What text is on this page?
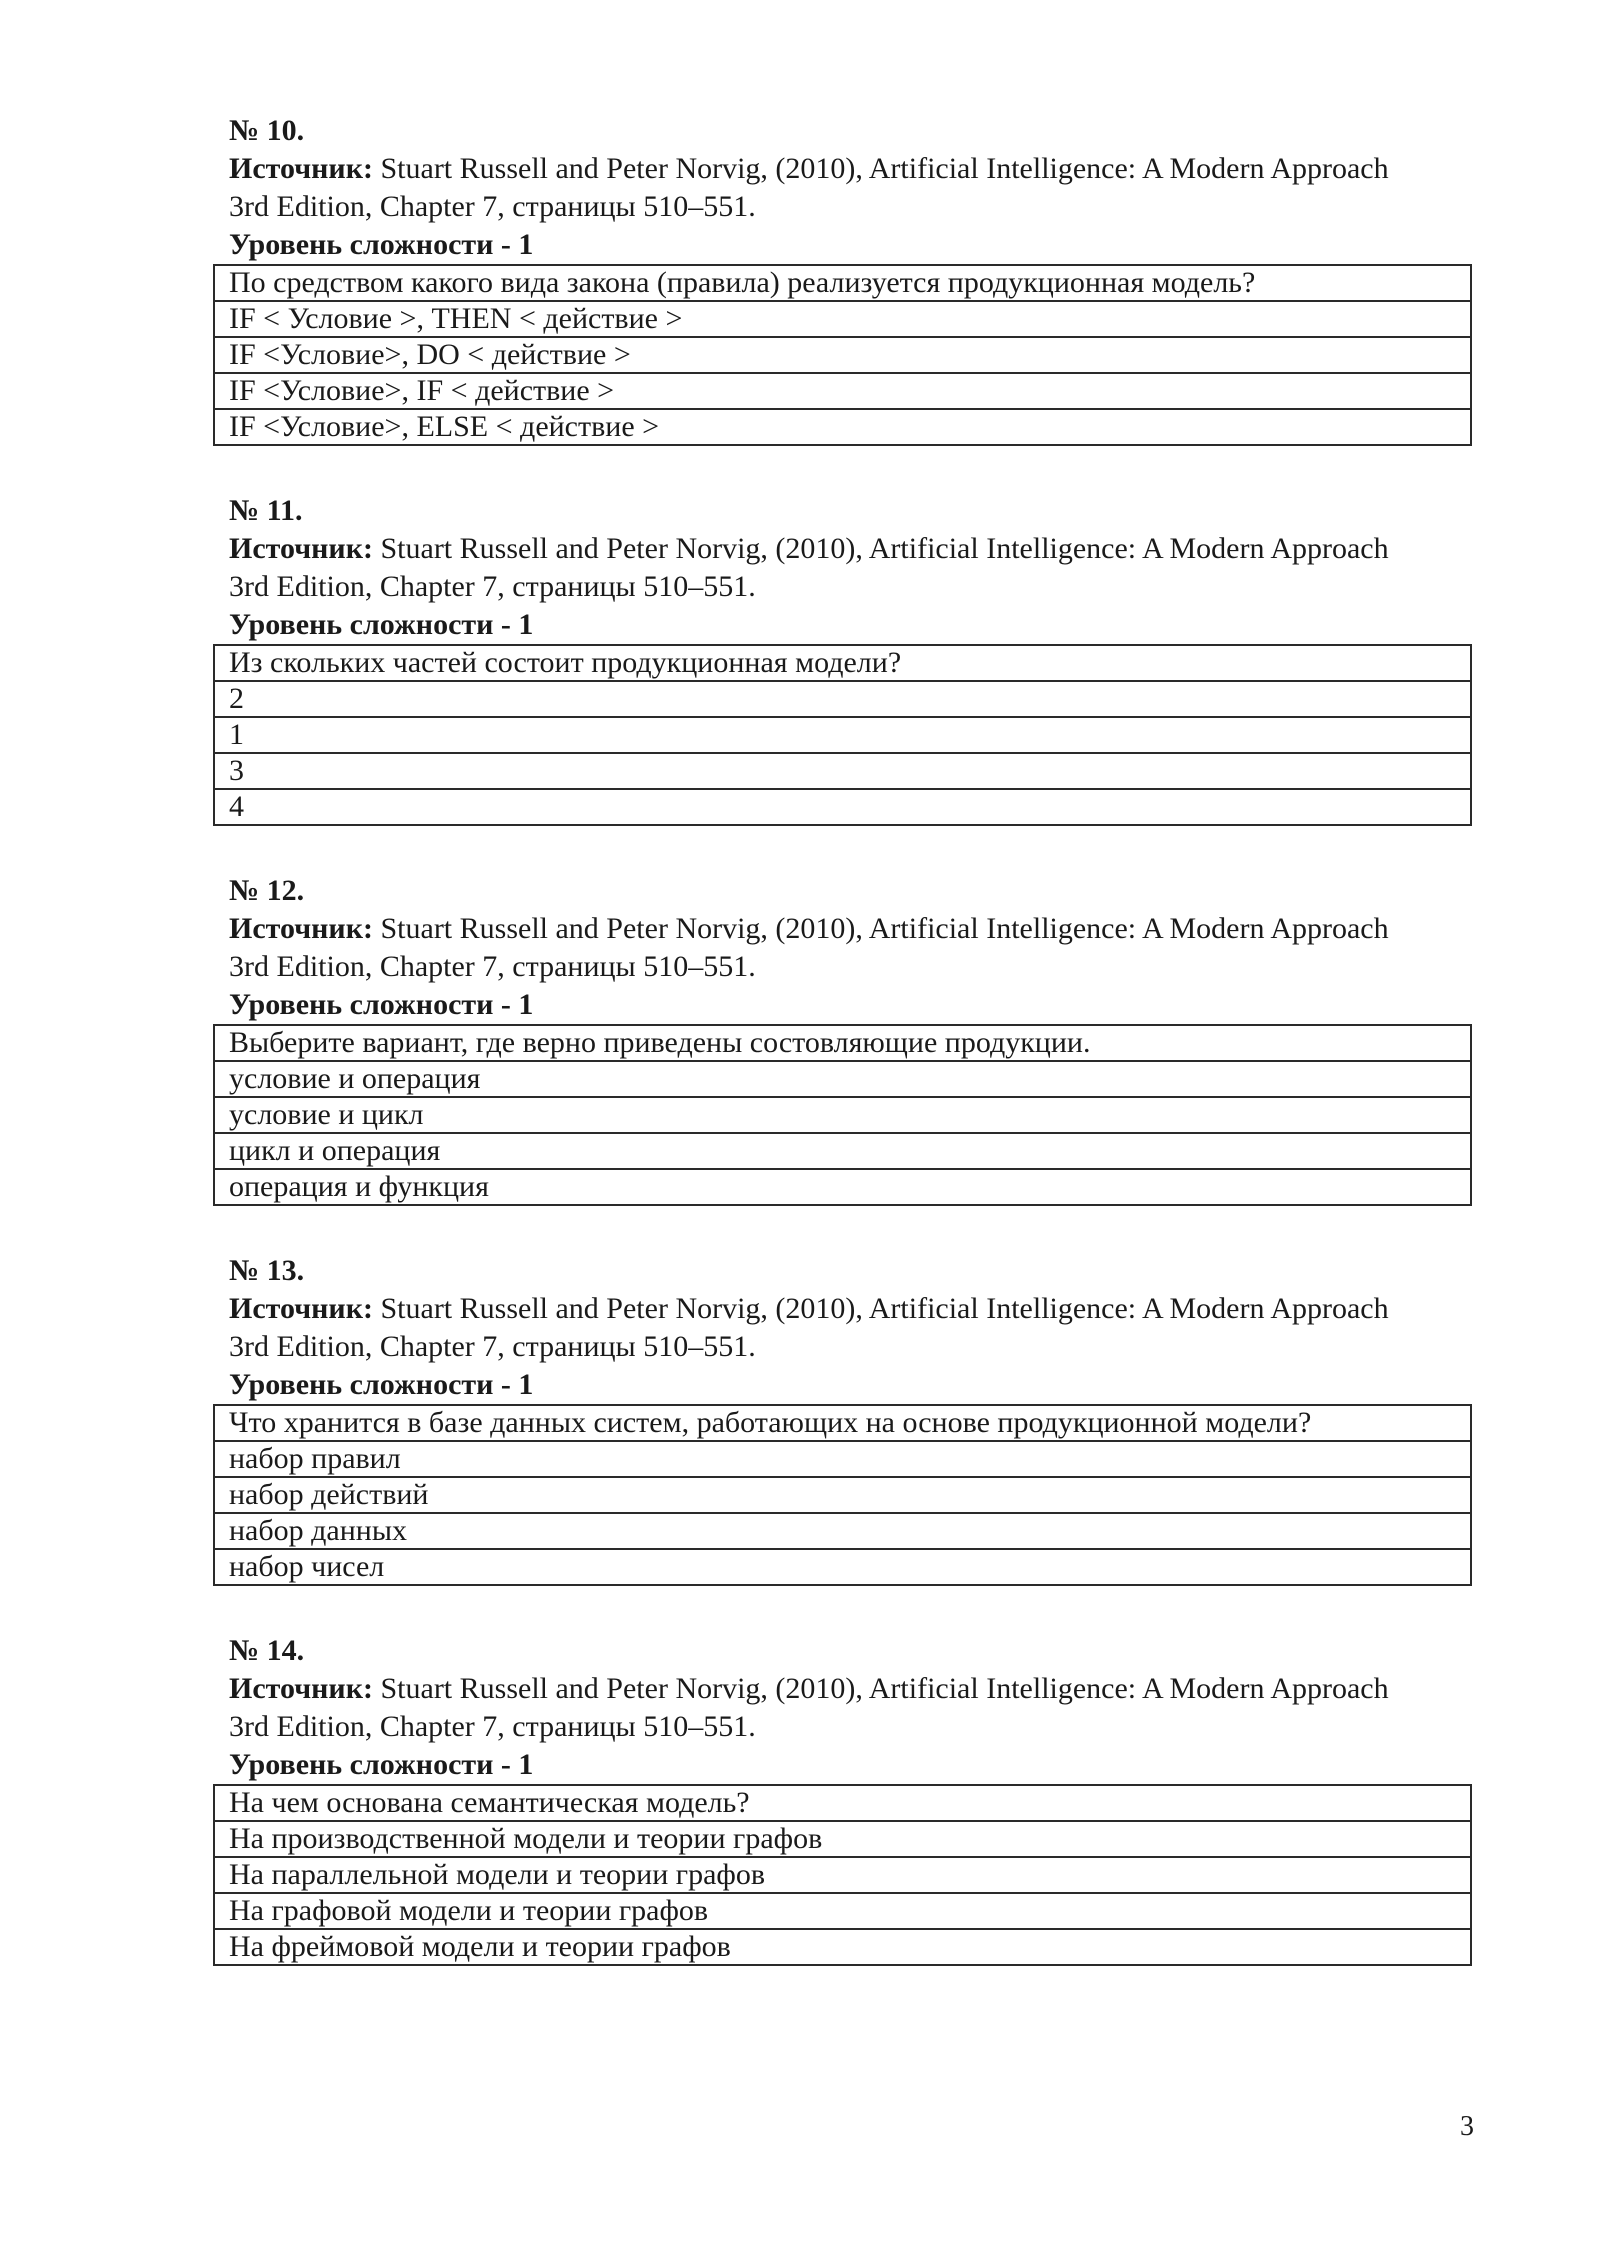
№ 10.
Источник: Stuart Russell and Peter Norvig, (2010), Artificial Intelligence: A Modern Approach
3rd Edition, Chapter 7, страницы 510–551.
Уровень сложности - 1
По средством какого вида закона (правила) реализуется продукционная модель?
IF < Условие >, THEN < действие >
IF <Условие>, DO < действие >
IF <Условие>, IF < действие >
IF <Условие>, ELSE < действие >
№ 11.
Источник: Stuart Russell and Peter Norvig, (2010), Artificial Intelligence: A Modern Approach
3rd Edition, Chapter 7, страницы 510–551.
Уровень сложности - 1
Из скольких частей состоит продукционная модели?
2
1
3
4
№ 12.
Источник: Stuart Russell and Peter Norvig, (2010), Artificial Intelligence: A Modern Approach
3rd Edition, Chapter 7, страницы 510–551.
Уровень сложности - 1
Выберите вариант, где верно приведены состовляющие продукции.
условие и операция
условие и цикл
цикл и операция
операция и функция
№ 13.
Источник: Stuart Russell and Peter Norvig, (2010), Artificial Intelligence: A Modern Approach
3rd Edition, Chapter 7, страницы 510–551.
Уровень сложности - 1
Что хранится в базе данных систем, работающих на основе продукционной модели?
набор правил
набор действий
набор данных
набор чисел
№ 14.
Источник: Stuart Russell and Peter Norvig, (2010), Artificial Intelligence: A Modern Approach
3rd Edition, Chapter 7, страницы 510–551.
Уровень сложности - 1
На чем основана семантическая модель?
На производственной модели и теории графов
На параллельной модели и теории графов
На графовой модели и теории графов
На фреймовой модели и теории графов
3
